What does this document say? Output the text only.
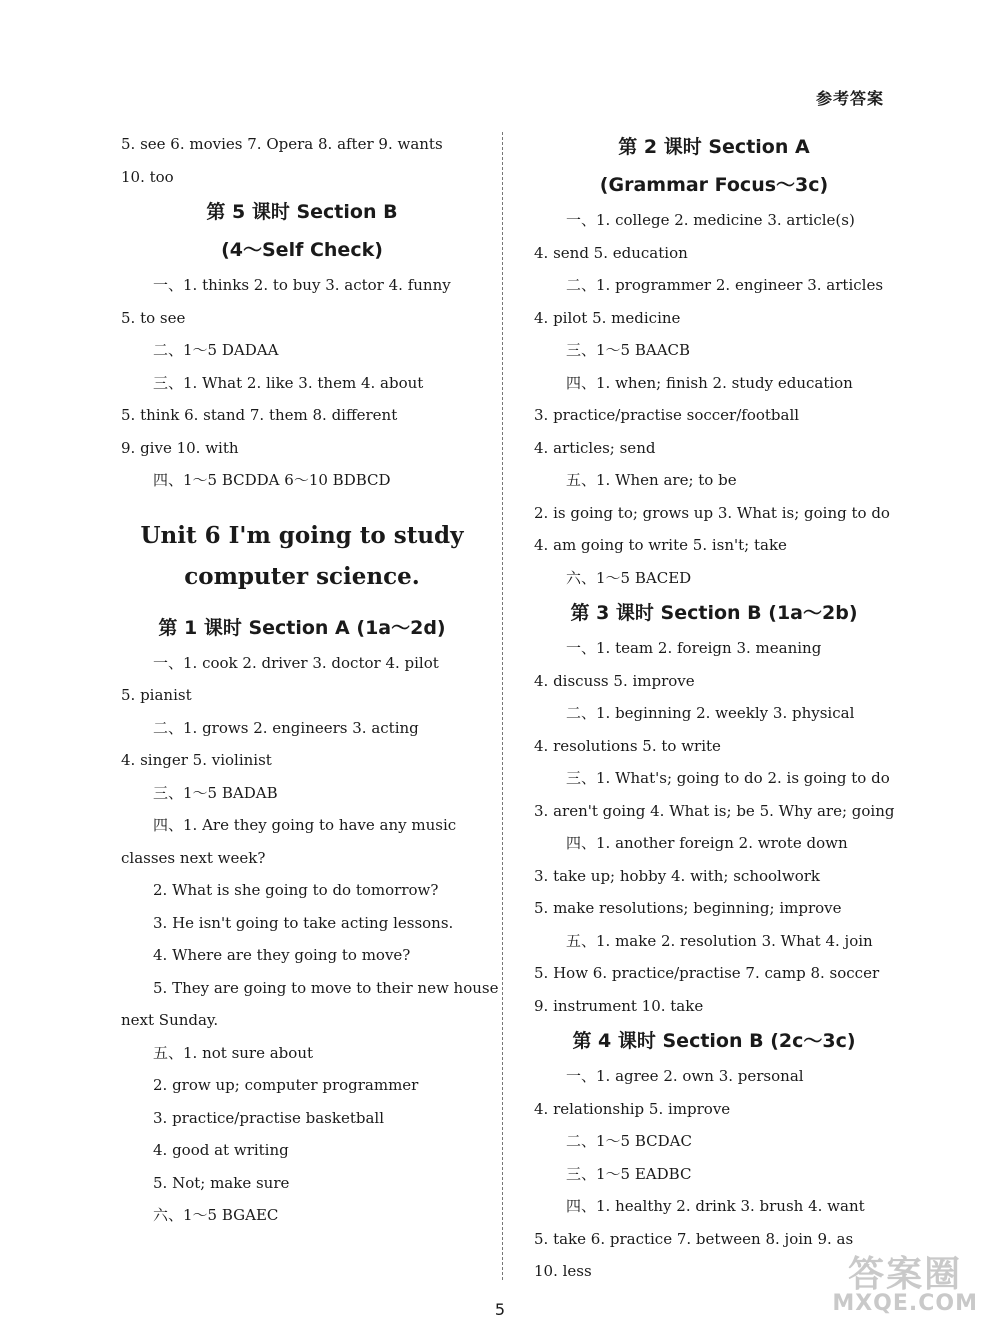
参考答案
5. see 6. movies 7. Opera 8. after 9. wants
10. too
第 5 课时 Section B
(4～Self Check)
一、1. thinks 2. to buy 3. actor 4. funny
5. to see
二、1～5 DADAA
三、1. What 2. like 3. them 4. about
5. think 6. stand 7. them 8. different
9. give 10. with
四、1～5 BCDDA 6～10 BDBCD
Unit 6 I'm going to study
computer science.
第 1 课时 Section A (1a～2d)
一、1. cook 2. driver 3. doctor 4. pilot
5. pianist
二、1. grows 2. engineers 3. acting
4. singer 5. violinist
三、1～5 BADAB
四、1. Are they going to have any music
classes next week?
2. What is she going to do tomorrow?
3. He isn't going to take acting lessons.
4. Where are they going to move?
5. They are going to move to their new house
next Sunday.
五、1. not sure about
2. grow up; computer programmer
3. practice/practise basketball
4. good at writing
5. Not; make sure
六、1～5 BGAEC
第 2 课时 Section A
(Grammar Focus～3c)
一、1. college 2. medicine 3. article(s)
4. send 5. education
二、1. programmer 2. engineer 3. articles
4. pilot 5. medicine
三、1～5 BAACB
四、1. when; finish 2. study education
3. practice/practise soccer/football
4. articles; send
五、1. When are; to be
2. is going to; grows up 3. What is; going to do
4. am going to write 5. isn't; take
六、1～5 BACED
第 3 课时 Section B (1a～2b)
一、1. team 2. foreign 3. meaning
4. discuss 5. improve
二、1. beginning 2. weekly 3. physical
4. resolutions 5. to write
三、1. What's; going to do 2. is going to do
3. aren't going 4. What is; be 5. Why are; going
四、1. another foreign 2. wrote down
3. take up; hobby 4. with; schoolwork
5. make resolutions; beginning; improve
五、1. make 2. resolution 3. What 4. join
5. How 6. practice/practise 7. camp 8. soccer
9. instrument 10. take
第 4 课时 Section B (2c～3c)
一、1. agree 2. own 3. personal
4. relationship 5. improve
二、1～5 BCDAC
三、1～5 EADBC
四、1. healthy 2. drink 3. brush 4. want
5. take 6. practice 7. between 8. join 9. as
10. less
5
答案圈
MXQE.COM
